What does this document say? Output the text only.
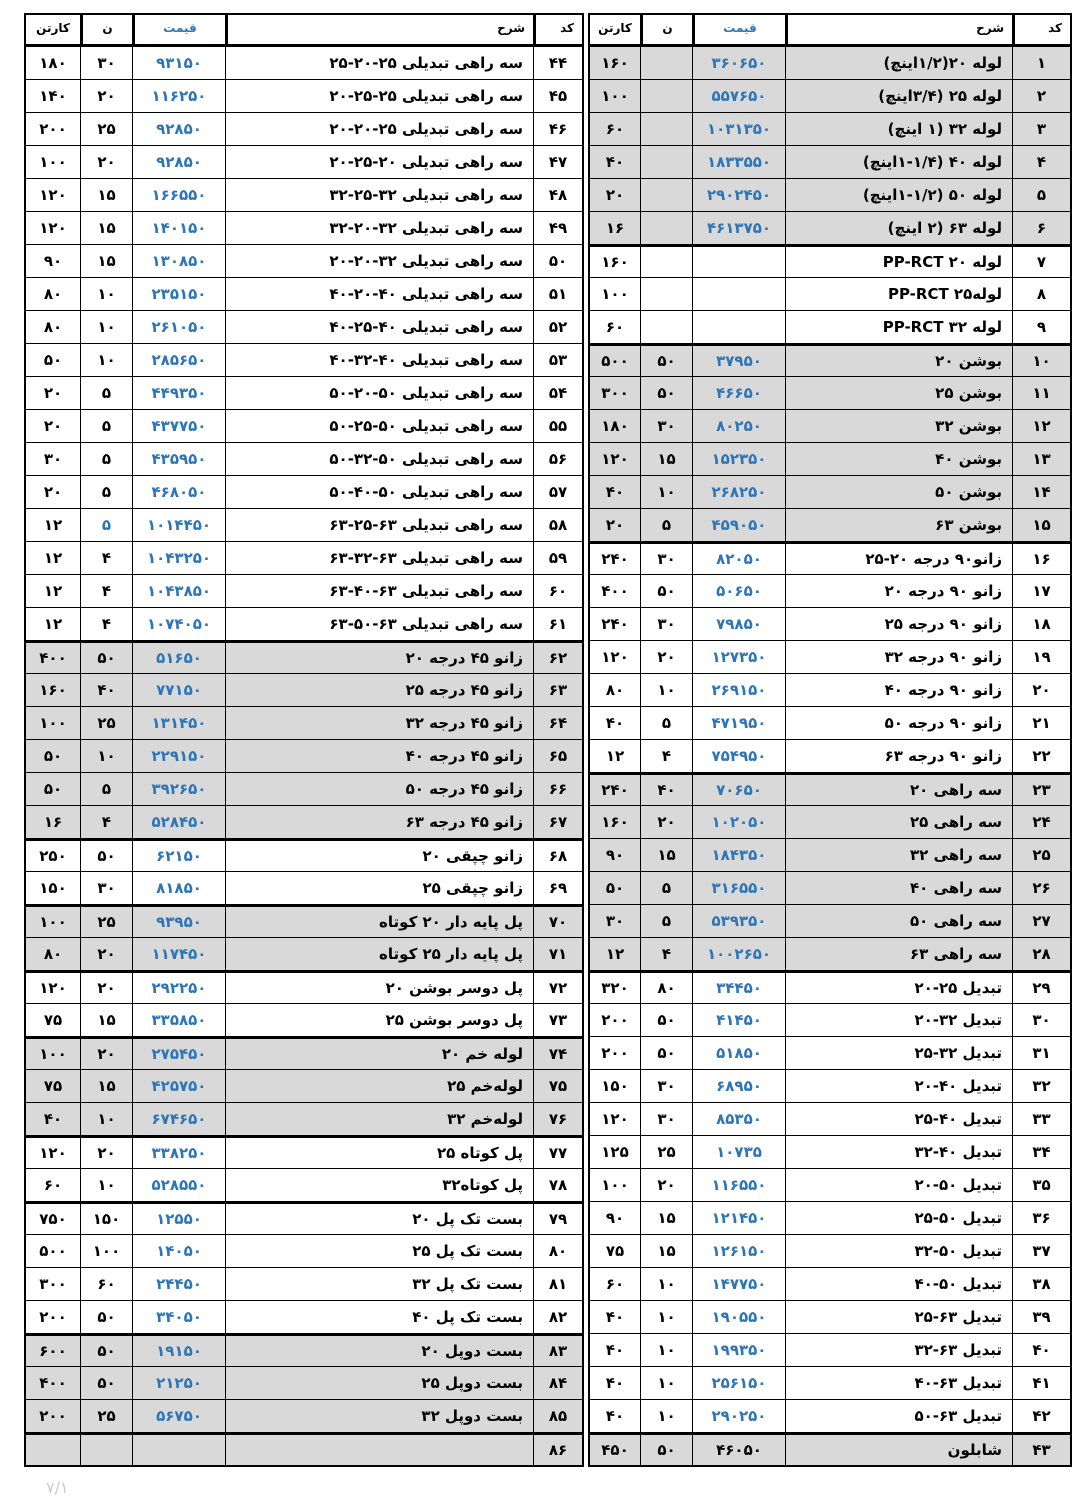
کد
شرح
قیمت
ن
کارتن
۱
لوله ۲۰(۱/۲اینچ)
۳۶۰۶۵۰
۱۶۰
۲
لوله ۲۵ (۳/۴اینچ)
۵۵۷۶۵۰
۱۰۰
۳
لوله ۳۲ (۱ اینچ)
۱۰۳۱۳۵۰
۶۰
۴
لوله ۴۰ (۱/۴-۱اینچ)
۱۸۳۳۵۵۰
۴۰
۵
لوله ۵۰ (۱/۲-۱اینچ)
۲۹۰۲۴۵۰
۲۰
۶
لوله ۶۳ (۲ اینچ)
۴۶۱۳۷۵۰
۱۶
۷
لوله PP-RCT ۲۰
۱۶۰
۸
لولهPP-RCT ۲۵
۱۰۰
۹
لوله PP-RCT ۳۲
۶۰
۱۰
بوشن ۲۰
۳۷۹۵۰
۵۰
۵۰۰
۱۱
بوشن ۲۵
۴۶۶۵۰
۵۰
۳۰۰
۱۲
بوشن ۳۲
۸۰۲۵۰
۳۰
۱۸۰
۱۳
بوشن ۴۰
۱۵۲۳۵۰
۱۵
۱۲۰
۱۴
بوشن ۵۰
۲۶۸۲۵۰
۱۰
۴۰
۱۵
بوشن ۶۳
۴۵۹۰۵۰
۵
۲۰
۱۶
زانو۹۰ درجه ۲۰-۲۵
۸۲۰۵۰
۳۰
۲۴۰
۱۷
زانو ۹۰ درجه ۲۰
۵۰۶۵۰
۵۰
۴۰۰
۱۸
زانو ۹۰ درجه ۲۵
۷۹۸۵۰
۳۰
۲۴۰
۱۹
زانو ۹۰ درجه ۳۲
۱۲۷۳۵۰
۲۰
۱۲۰
۲۰
زانو ۹۰ درجه ۴۰
۲۶۹۱۵۰
۱۰
۸۰
۲۱
زانو ۹۰ درجه ۵۰
۴۷۱۹۵۰
۵
۴۰
۲۲
زانو ۹۰ درجه ۶۳
۷۵۴۹۵۰
۴
۱۲
۲۳
سه راهی ۲۰
۷۰۶۵۰
۴۰
۲۴۰
۲۴
سه راهی ۲۵
۱۰۲۰۵۰
۲۰
۱۶۰
۲۵
سه راهی ۳۲
۱۸۴۳۵۰
۱۵
۹۰
۲۶
سه راهی ۴۰
۳۱۶۵۵۰
۵
۵۰
۲۷
سه راهی ۵۰
۵۳۹۳۵۰
۵
۳۰
۲۸
سه راهی ۶۳
۱۰۰۲۶۵۰
۴
۱۲
۲۹
تبدیل ۲۵-۲۰
۳۴۴۵۰
۸۰
۳۲۰
۳۰
تبدیل ۳۲-۲۰
۴۱۴۵۰
۵۰
۲۰۰
۳۱
تبدیل ۳۲-۲۵
۵۱۸۵۰
۵۰
۲۰۰
۳۲
تبدیل ۴۰-۲۰
۶۸۹۵۰
۳۰
۱۵۰
۳۳
تبدیل ۴۰-۲۵
۸۵۳۵۰
۳۰
۱۲۰
۳۴
تبدیل ۴۰-۳۲
۱۰۷۳۵
۲۵
۱۲۵
۳۵
تبدیل ۵۰-۲۰
۱۱۶۵۵۰
۲۰
۱۰۰
۳۶
تبدیل ۵۰-۲۵
۱۲۱۴۵۰
۱۵
۹۰
۳۷
تبدیل ۵۰-۳۲
۱۲۶۱۵۰
۱۵
۷۵
۳۸
تبدیل ۵۰-۴۰
۱۴۷۷۵۰
۱۰
۶۰
۳۹
تبدیل ۶۳-۲۵
۱۹۰۵۵۰
۱۰
۴۰
۴۰
تبدیل ۶۳-۳۲
۱۹۹۳۵۰
۱۰
۴۰
۴۱
تبدیل ۶۳-۴۰
۲۵۶۱۵۰
۱۰
۴۰
۴۲
تبدیل ۶۳-۵۰
۲۹۰۲۵۰
۱۰
۴۰
۴۳
شابلون
۴۶۰۵۰
۵۰
۴۵۰
کد
شرح
قیمت
ن
کارتن
۴۴
سه راهی تبدیلی ۲۵-۲۰-۲۵
۹۳۱۵۰
۳۰
۱۸۰
۴۵
سه راهی تبدیلی ۲۵-۲۵-۲۰
۱۱۶۲۵۰
۲۰
۱۴۰
۴۶
سه راهی تبدیلی ۲۵-۲۰-۲۰
۹۲۸۵۰
۲۵
۲۰۰
۴۷
سه راهی تبدیلی ۲۰-۲۵-۲۰
۹۲۸۵۰
۲۰
۱۰۰
۴۸
سه راهی تبدیلی ۳۲-۲۵-۳۲
۱۶۶۵۵۰
۱۵
۱۲۰
۴۹
سه راهی تبدیلی ۳۲-۲۰-۳۲
۱۴۰۱۵۰
۱۵
۱۲۰
۵۰
سه راهی تبدیلی ۳۲-۲۰-۲۰
۱۳۰۸۵۰
۱۵
۹۰
۵۱
سه راهی تبدیلی ۴۰-۲۰-۴۰
۲۳۵۱۵۰
۱۰
۸۰
۵۲
سه راهی تبدیلی ۴۰-۲۵-۴۰
۲۶۱۰۵۰
۱۰
۸۰
۵۳
سه راهی تبدیلی ۴۰-۳۲-۴۰
۲۸۵۶۵۰
۱۰
۵۰
۵۴
سه راهی تبدیلی ۵۰-۲۰-۵۰
۴۴۹۳۵۰
۵
۲۰
۵۵
سه راهی تبدیلی ۵۰-۲۵-۵۰
۴۳۷۷۵۰
۵
۲۰
۵۶
سه راهی تبدیلی ۵۰-۳۲-۵۰
۴۳۵۹۵۰
۵
۳۰
۵۷
سه راهی تبدیلی ۵۰-۴۰-۵۰
۴۶۸۰۵۰
۵
۲۰
۵۸
سه راهی تبدیلی ۶۳-۲۵-۶۳
۱۰۱۴۴۵۰
۵
۱۲
۵۹
سه راهی تبدیلی ۶۳-۳۲-۶۳
۱۰۴۳۲۵۰
۴
۱۲
۶۰
سه راهی تبدیلی ۶۳-۴۰-۶۳
۱۰۴۳۸۵۰
۴
۱۲
۶۱
سه راهی تبدیلی ۶۳-۵۰-۶۳
۱۰۷۴۰۵۰
۴
۱۲
۶۲
زانو ۴۵ درجه ۲۰
۵۱۶۵۰
۵۰
۴۰۰
۶۳
زانو ۴۵ درجه ۲۵
۷۷۱۵۰
۴۰
۱۶۰
۶۴
زانو ۴۵ درجه ۳۲
۱۳۱۴۵۰
۲۵
۱۰۰
۶۵
زانو ۴۵ درجه ۴۰
۲۲۹۱۵۰
۱۰
۵۰
۶۶
زانو ۴۵ درجه ۵۰
۳۹۲۶۵۰
۵
۵۰
۶۷
زانو ۴۵ درجه ۶۳
۵۲۸۴۵۰
۴
۱۶
۶۸
زانو چپقی ۲۰
۶۲۱۵۰
۵۰
۲۵۰
۶۹
زانو چپقی ۲۵
۸۱۸۵۰
۳۰
۱۵۰
۷۰
پل پایه دار ۲۰ کوتاه
۹۳۹۵۰
۲۵
۱۰۰
۷۱
پل پایه دار ۲۵ کوتاه
۱۱۷۴۵۰
۲۰
۸۰
۷۲
پل دوسر بوشن ۲۰
۲۹۲۲۵۰
۲۰
۱۲۰
۷۳
پل دوسر بوشن ۲۵
۳۳۵۸۵۰
۱۵
۷۵
۷۴
لوله خم ۲۰
۲۷۵۴۵۰
۲۰
۱۰۰
۷۵
لوله‌خم ۲۵
۴۲۵۷۵۰
۱۵
۷۵
۷۶
لوله‌خم ۳۲
۶۷۴۶۵۰
۱۰
۴۰
۷۷
پل کوتاه ۲۵
۳۳۸۲۵۰
۲۰
۱۲۰
۷۸
پل کوتاه۳۲
۵۲۸۵۵۰
۱۰
۶۰
۷۹
بست تک پل ۲۰
۱۲۵۵۰
۱۵۰
۷۵۰
۸۰
بست تک پل ۲۵
۱۴۰۵۰
۱۰۰
۵۰۰
۸۱
بست تک پل ۳۲
۲۴۴۵۰
۶۰
۳۰۰
۸۲
بست تک پل ۴۰
۳۴۰۵۰
۵۰
۲۰۰
۸۳
بست دوپل ۲۰
۱۹۱۵۰
۵۰
۶۰۰
۸۴
بست دوپل ۲۵
۲۱۲۵۰
۵۰
۴۰۰
۸۵
بست دوپل ۳۲
۵۶۷۵۰
۲۵
۲۰۰
۸۶
۷/۱
